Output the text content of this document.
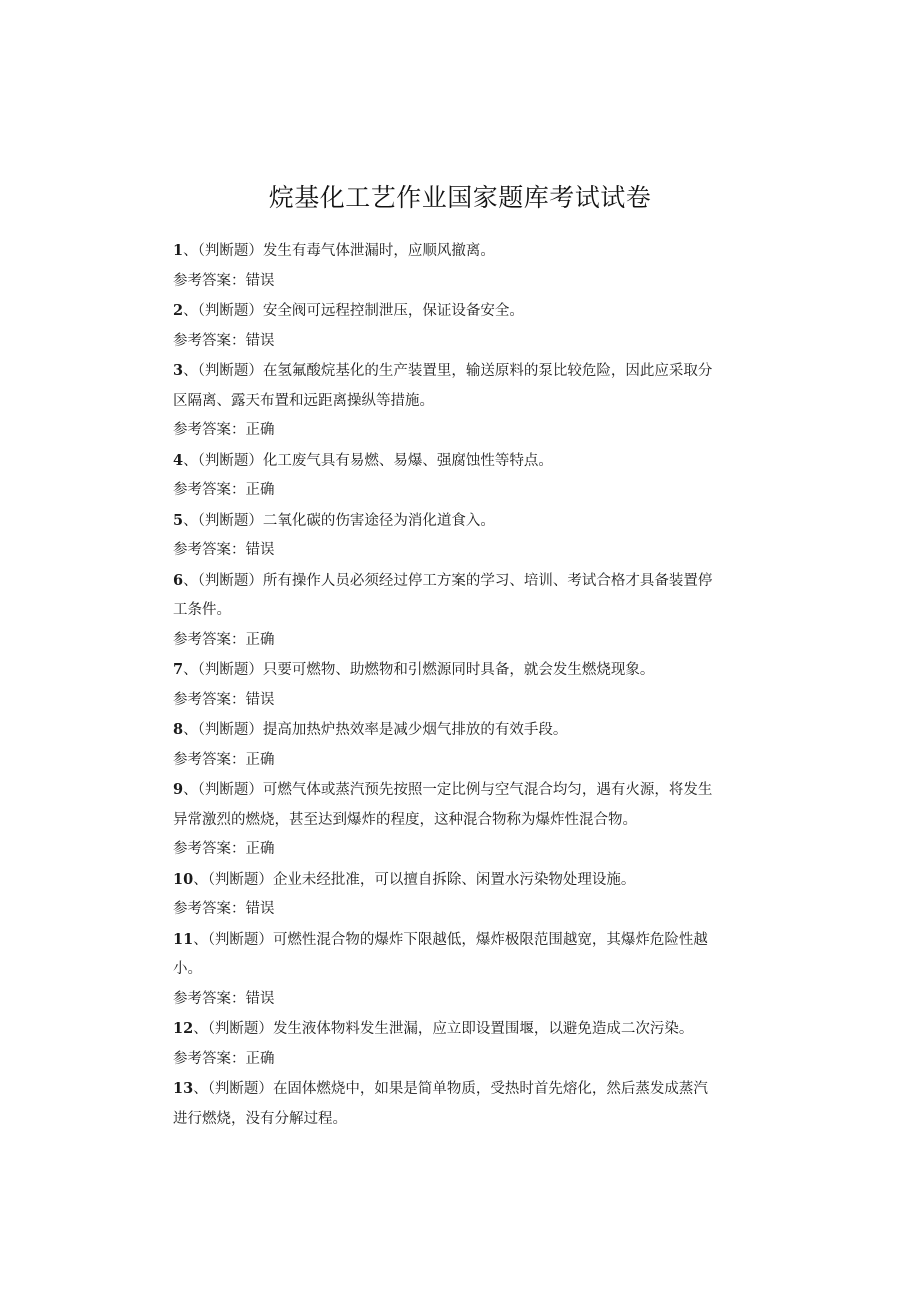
烷基化工艺作业国家题库考试试卷
1、（判断题）发生有毒气体泄漏时，应顺风撤离。
参考答案：错误
2、（判断题）安全阀可远程控制泄压，保证设备安全。
参考答案：错误
3、（判断题）在氢氟酸烷基化的生产装置里，输送原料的泵比较危险，因此应采取分
区隔离、露天布置和远距离操纵等措施。
参考答案：正确
4、（判断题）化工废气具有易燃、易爆、强腐蚀性等特点。
参考答案：正确
5、（判断题）二氧化碳的伤害途径为消化道食入。
参考答案：错误
6、（判断题）所有操作人员必须经过停工方案的学习、培训、考试合格才具备装置停
工条件。
参考答案：正确
7、（判断题）只要可燃物、助燃物和引燃源同时具备，就会发生燃烧现象。
参考答案：错误
8、（判断题）提高加热炉热效率是减少烟气排放的有效手段。
参考答案：正确
9、（判断题）可燃气体或蒸汽预先按照一定比例与空气混合均匀，遇有火源，将发生
异常激烈的燃烧，甚至达到爆炸的程度，这种混合物称为爆炸性混合物。
参考答案：正确
10、（判断题）企业未经批准，可以擅自拆除、闲置水污染物处理设施。
参考答案：错误
11、（判断题）可燃性混合物的爆炸下限越低，爆炸极限范围越宽，其爆炸危险性越
小。
参考答案：错误
12、（判断题）发生液体物料发生泄漏，应立即设置围堰，以避免造成二次污染。
参考答案：正确
13、（判断题）在固体燃烧中，如果是简单物质，受热时首先熔化，然后蒸发成蒸汽
进行燃烧，没有分解过程。
